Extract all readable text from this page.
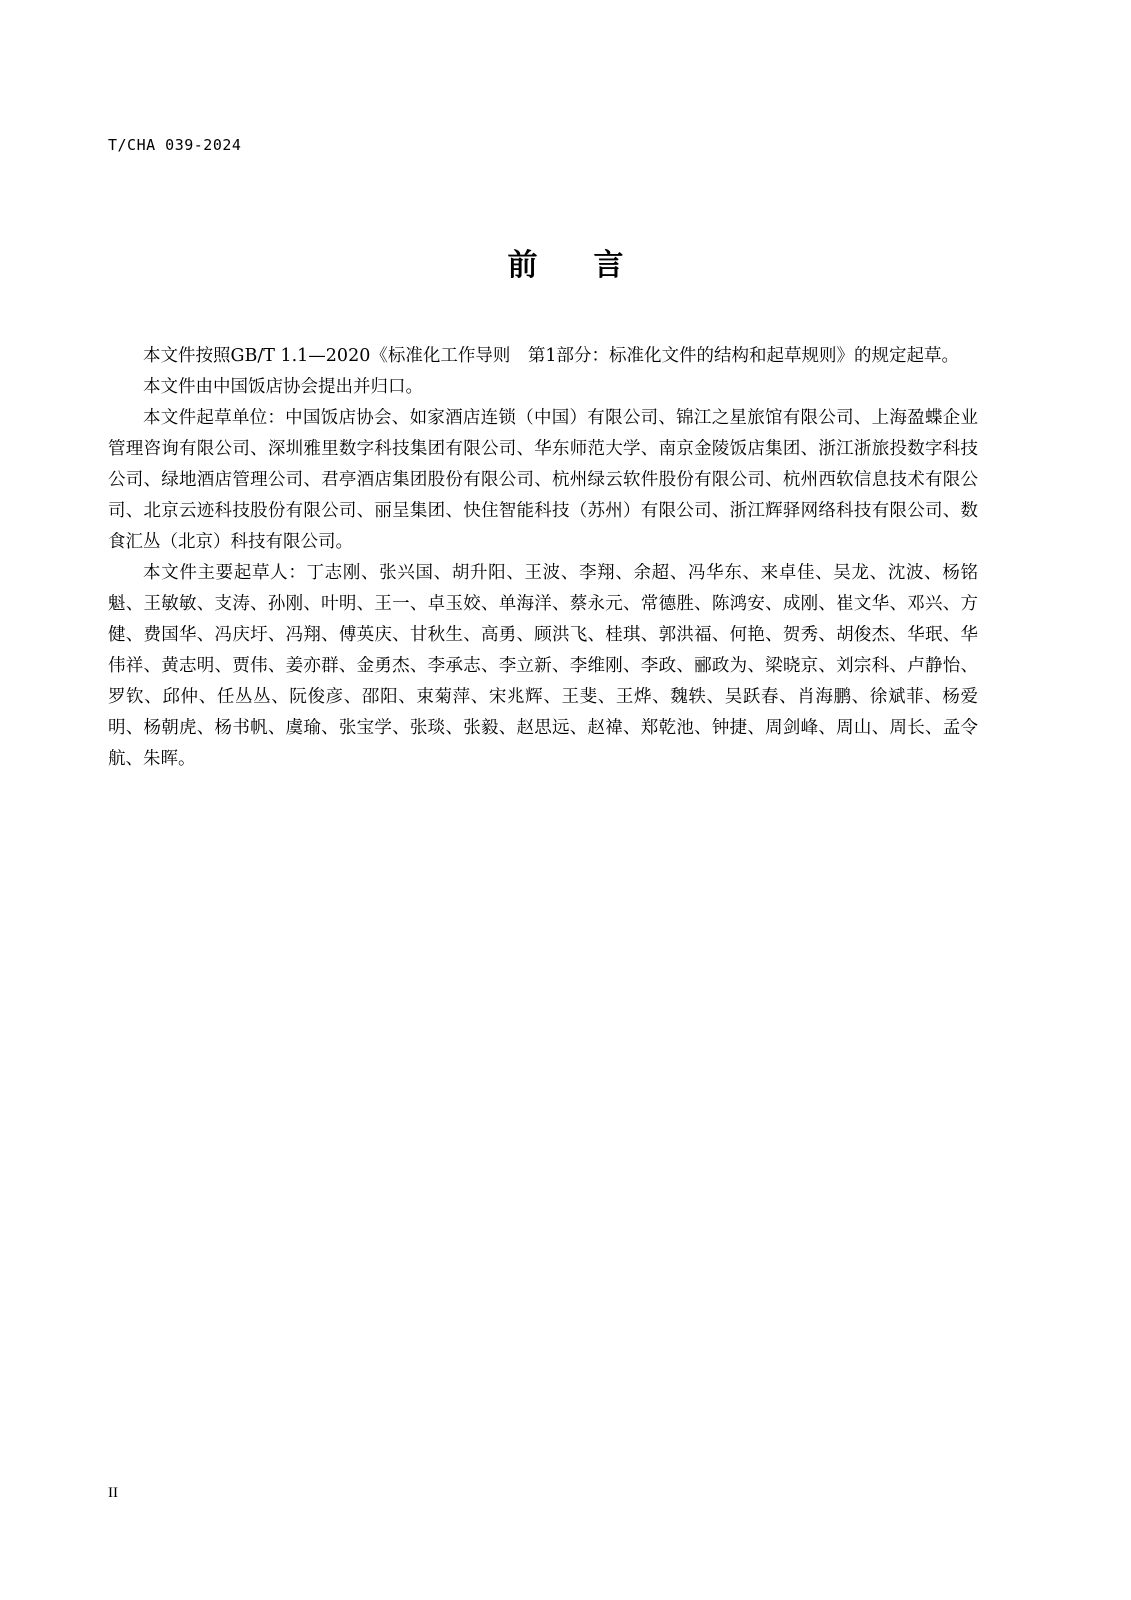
T/CHA 039-2024
前言

本文件按照GB/T 1.1—2020《标准化工作导则　第1部分：标准化文件的结构和起草规则》的规定起草。

本文件由中国饭店协会提出并归口。

本文件起草单位：中国饭店协会、如家酒店连锁（中国）有限公司、锦江之星旅馆有限公司、上海盈蝶企业管理咨询有限公司、深圳雅里数字科技集团有限公司、华东师范大学、南京金陵饭店集团、浙江浙旅投数字科技公司、绿地酒店管理公司、君亭酒店集团股份有限公司、杭州绿云软件股份有限公司、杭州西软信息技术有限公司、北京云迹科技股份有限公司、丽呈集团、快住智能科技（苏州）有限公司、浙江辉驿网络科技有限公司、数食汇丛（北京）科技有限公司。

本文件主要起草人：丁志刚、张兴国、胡升阳、王波、李翔、余超、冯华东、来卓佳、吴龙、沈波、杨铭魁、王敏敏、支涛、孙刚、叶明、王一、卓玉姣、单海洋、蔡永元、常德胜、陈鸿安、成刚、崔文华、邓兴、方健、费国华、冯庆圩、冯翔、傅英庆、甘秋生、高勇、顾洪飞、桂琪、郭洪福、何艳、贺秀、胡俊杰、华珉、华伟祥、黄志明、贾伟、姜亦群、金勇杰、李承志、李立新、李维刚、李政、郦政为、梁晓京、刘宗科、卢静怡、罗钦、邱仲、任丛丛、阮俊彦、邵阳、束菊萍、宋兆辉、王斐、王烨、魏轶、吴跃春、肖海鹏、徐斌菲、杨爱明、杨朝虎、杨书帆、虞瑜、张宝学、张琰、张毅、赵思远、赵禕、郑乾池、钟捷、周剑峰、周山、周长、孟令航、朱晖。

II
